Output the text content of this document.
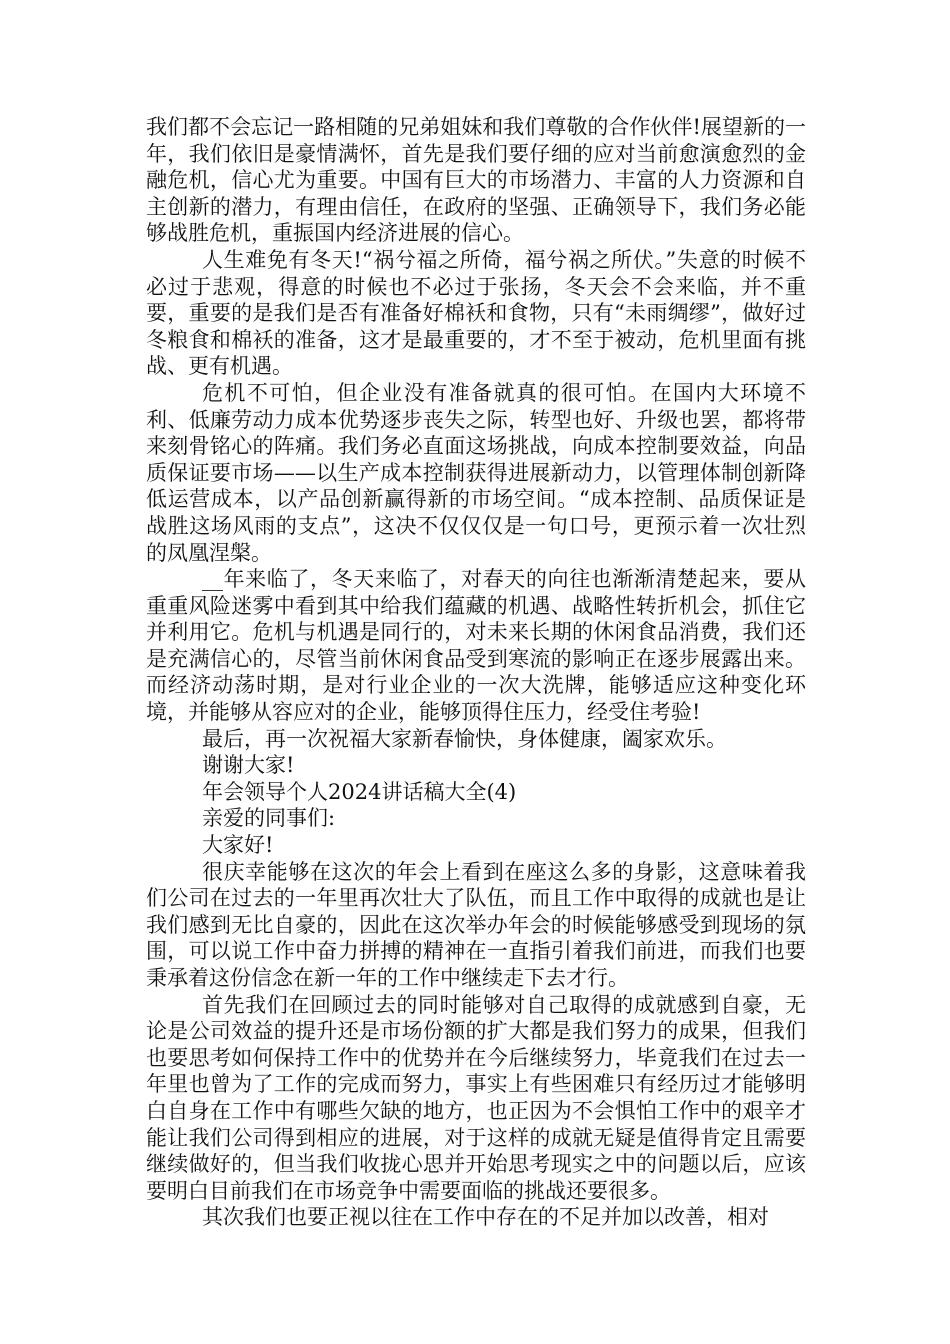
我们都不会忘记一路相随的兄弟姐妹和我们尊敬的合作伙伴!展望新的一年，我们依旧是豪情满怀，首先是我们要仔细的应对当前愈演愈烈的金融危机，信心尤为重要。中国有巨大的市场潜力、丰富的人力资源和自主创新的潜力，有理由信任，在政府的坚强、正确领导下，我们务必能够战胜危机，重振国内经济进展的信心。

人生难免有冬天!“祸兮福之所倚，福兮祸之所伏。”失意的时候不必过于悲观，得意的时候也不必过于张扬，冬天会不会来临，并不重要，重要的是我们是否有准备好棉袄和食物，只有“未雨绸缪”，做好过冬粮食和棉袄的准备，这才是最重要的，才不至于被动，危机里面有挑战、更有机遇。

危机不可怕，但企业没有准备就真的很可怕。在国内大环境不利、低廉劳动力成本优势逐步丧失之际，转型也好、升级也罢，都将带来刻骨铭心的阵痛。我们务必直面这场挑战，向成本控制要效益，向品质保证要市场——以生产成本控制获得进展新动力，以管理体制创新降低运营成本，以产品创新赢得新的市场空间。“成本控制、品质保证是战胜这场风雨的支点”，这决不仅仅仅是一句口号，更预示着一次壮烈的凤凰涅槃。

__年来临了，冬天来临了，对春天的向往也渐渐清楚起来，要从重重风险迷雾中看到其中给我们蕴藏的机遇、战略性转折机会，抓住它并利用它。危机与机遇是同行的，对未来长期的休闲食品消费，我们还是充满信心的，尽管当前休闲食品受到寒流的影响正在逐步展露出来。而经济动荡时期，是对行业企业的一次大洗牌，能够适应这种变化环境，并能够从容应对的企业，能够顶得住压力，经受住考验!

最后，再一次祝福大家新春愉快，身体健康，阖家欢乐。

谢谢大家!

年会领导个人2024讲话稿大全(4)

亲爱的同事们:

大家好!

很庆幸能够在这次的年会上看到在座这么多的身影，这意味着我们公司在过去的一年里再次壮大了队伍，而且工作中取得的成就也是让我们感到无比自豪的，因此在这次举办年会的时候能够感受到现场的氛围，可以说工作中奋力拼搏的精神在一直指引着我们前进，而我们也要秉承着这份信念在新一年的工作中继续走下去才行。

首先我们在回顾过去的同时能够对自己取得的成就感到自豪，无论是公司效益的提升还是市场份额的扩大都是我们努力的成果，但我们也要思考如何保持工作中的优势并在今后继续努力，毕竟我们在过去一年里也曾为了工作的完成而努力，事实上有些困难只有经历过才能够明白自身在工作中有哪些欠缺的地方，也正因为不会惧怕工作中的艰辛才能让我们公司得到相应的进展，对于这样的成就无疑是值得肯定且需要继续做好的，但当我们收拢心思并开始思考现实之中的问题以后，应该要明白目前我们在市场竞争中需要面临的挑战还要很多。

其次我们也要正视以往在工作中存在的不足并加以改善，相对
